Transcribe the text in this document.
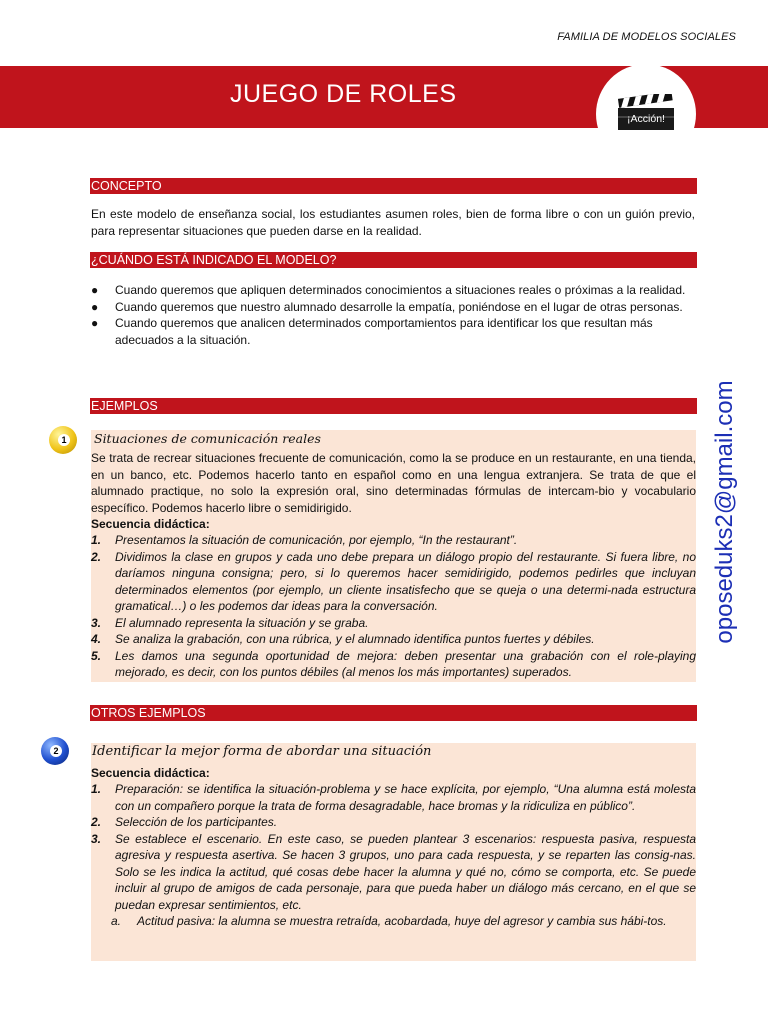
FAMILIA DE MODELOS SOCIALES
JUEGO DE ROLES
¡Acción!
CONCEPTO
En este modelo de enseñanza social, los estudiantes asumen roles, bien de forma libre o con un guión previo, para representar situaciones que pueden darse en la realidad.
¿CUÁNDO ESTÁ INDICADO EL MODELO?
● Cuando queremos que apliquen determinados conocimientos a situaciones reales o próximas a la realidad.
● Cuando queremos que nuestro alumnado desarrolle la empatía, poniéndose en el lugar de otras personas.
● Cuando queremos que analicen determinados comportamientos para identificar los que resultan más adecuados a la situación.
EJEMPLOS
1 Situaciones de comunicación reales
Se trata de recrear situaciones frecuente de comunicación, como la se produce en un restaurante, en una tienda, en un banco, etc. Podemos hacerlo tanto en español como en una lengua extranjera. Se trata de que el alumnado practique, no solo la expresión oral, sino determinadas fórmulas de intercam-bio y vocabulario específico. Podemos hacerlo libre o semidirigido.
Secuencia didáctica:
1. Presentamos la situación de comunicación, por ejemplo, “In the restaurant”.
2. Dividimos la clase en grupos y cada uno debe prepara un diálogo propio del restaurante. Si fuera libre, no daríamos ninguna consigna; pero, si lo queremos hacer semidirigido, podemos pedirles que incluyan determinados elementos (por ejemplo, un cliente insatisfecho que se queja o una determi-nada estructura gramatical…) o les podemos dar ideas para la conversación.
3. El alumnado representa la situación y se graba.
4. Se analiza la grabación, con una rúbrica, y el alumnado identifica puntos fuertes y débiles.
5. Les damos una segunda oportunidad de mejora: deben presentar una grabación con el role-playing mejorado, es decir, con los puntos débiles (al menos los más importantes) superados.
OTROS EJEMPLOS
2	Identificar la mejor forma de abordar una situación
Secuencia didáctica:
1. Preparación: se identifica la situación-problema y se hace explícita, por ejemplo, “Una alumna está molesta con un compañero porque la trata de forma desagradable, hace bromas y la ridiculiza en público”.
2. Selección de los participantes.
3. Se establece el escenario. En este caso, se pueden plantear 3 escenarios: respuesta pasiva, respuesta agresiva y respuesta asertiva. Se hacen 3 grupos, uno para cada respuesta, y se reparten las consig-nas. Solo se les indica la actitud, qué cosas debe hacer la alumna y qué no, cómo se comporta, etc. Se puede incluir al grupo de amigos de cada personaje, para que pueda haber un diálogo más cercano, en el que se puedan expresar sentimientos, etc.
a. Actitud pasiva: la alumna se muestra retraída, acobardada, huye del agresor y cambia sus hábi-tos.
oposeduks2@gmail.com
